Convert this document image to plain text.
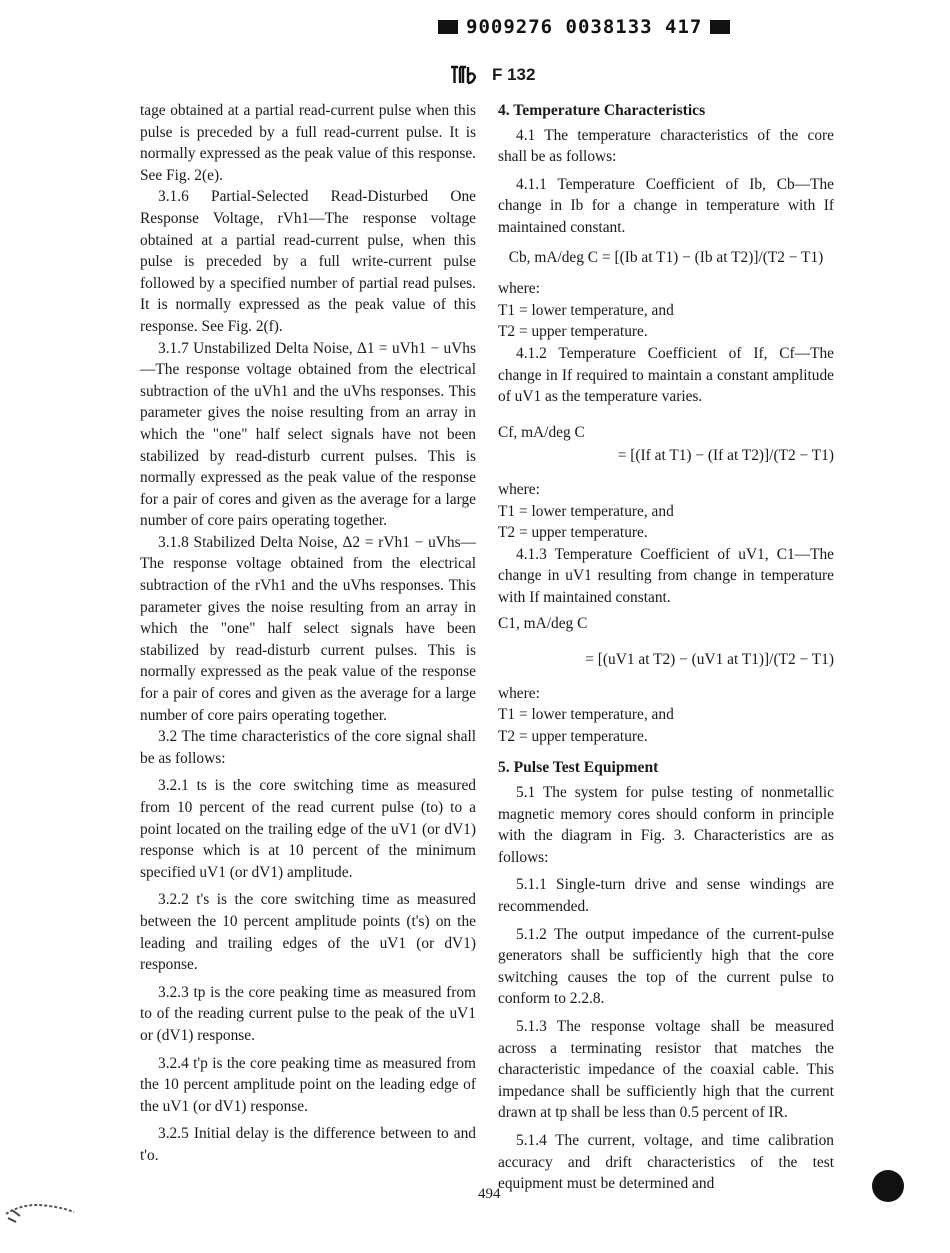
9009276 0038133 417
F 132

tage obtained at a partial read-current pulse when this pulse is preceded by a full read-current pulse. It is normally expressed as the peak value of this response. See Fig. 2(e).

3.1.6 Partial-Selected Read-Disturbed One Response Voltage, rVh1—The response voltage obtained at a partial read-current pulse, when this pulse is preceded by a full write-current pulse followed by a specified number of partial read pulses. It is normally expressed as the peak value of this response. See Fig. 2(f).

3.1.7 Unstabilized Delta Noise, Δ1 = uVh1 − uVhs—The response voltage obtained from the electrical subtraction of the uVh1 and the uVhs responses. This parameter gives the noise resulting from an array in which the "one" half select signals have not been stabilized by read-disturb current pulses. This is normally expressed as the peak value of the response for a pair of cores and given as the average for a large number of core pairs operating together.

3.1.8 Stabilized Delta Noise, Δ2 = rVh1 − uVhs—The response voltage obtained from the electrical subtraction of the rVh1 and the uVhs responses. This parameter gives the noise resulting from an array in which the "one" half select signals have been stabilized by read-disturb current pulses. This is normally expressed as the peak value of the response for a pair of cores and given as the average for a large number of core pairs operating together.

3.2 The time characteristics of the core signal shall be as follows:

3.2.1 ts is the core switching time as measured from 10 percent of the read current pulse (to) to a point located on the trailing edge of the uV1 (or dV1) response which is at 10 percent of the minimum specified uV1 (or dV1) amplitude.

3.2.2 t's is the core switching time as measured between the 10 percent amplitude points (t's) on the leading and trailing edges of the uV1 (or dV1) response.

3.2.3 tp is the core peaking time as measured from to of the reading current pulse to the peak of the uV1 or (dV1) response.

3.2.4 t'p is the core peaking time as measured from the 10 percent amplitude point on the leading edge of the uV1 (or dV1) response.

3.2.5 Initial delay is the difference between to and t'o.

4. Temperature Characteristics

4.1 The temperature characteristics of the core shall be as follows:

4.1.1 Temperature Coefficient of Ib, Cb—The change in Ib for a change in temperature with If maintained constant.

Cb, mA/deg C = [(Ib at T1) − (Ib at T2)]/(T2 − T1)

where:

T1 = lower temperature, and

T2 = upper temperature.

4.1.2 Temperature Coefficient of If, Cf—The change in If required to maintain a constant amplitude of uV1 as the temperature varies.

Cf, mA/deg C

= [(If at T1) − (If at T2)]/(T2 − T1)

where:

T1 = lower temperature, and

T2 = upper temperature.

4.1.3 Temperature Coefficient of uV1, C1—The change in uV1 resulting from change in temperature with If maintained constant.

C1, mA/deg C

= [(uV1 at T2) − (uV1 at T1)]/(T2 − T1)

where:

T1 = lower temperature, and

T2 = upper temperature.

5. Pulse Test Equipment

5.1 The system for pulse testing of nonmetallic magnetic memory cores should conform in principle with the diagram in Fig. 3. Characteristics are as follows:

5.1.1 Single-turn drive and sense windings are recommended.

5.1.2 The output impedance of the current-pulse generators shall be sufficiently high that the core switching causes the top of the current pulse to conform to 2.2.8.

5.1.3 The response voltage shall be measured across a terminating resistor that matches the characteristic impedance of the coaxial cable. This impedance shall be sufficiently high that the current drawn at tp shall be less than 0.5 percent of IR.

5.1.4 The current, voltage, and time calibration accuracy and drift characteristics of the test equipment must be determined and

494
